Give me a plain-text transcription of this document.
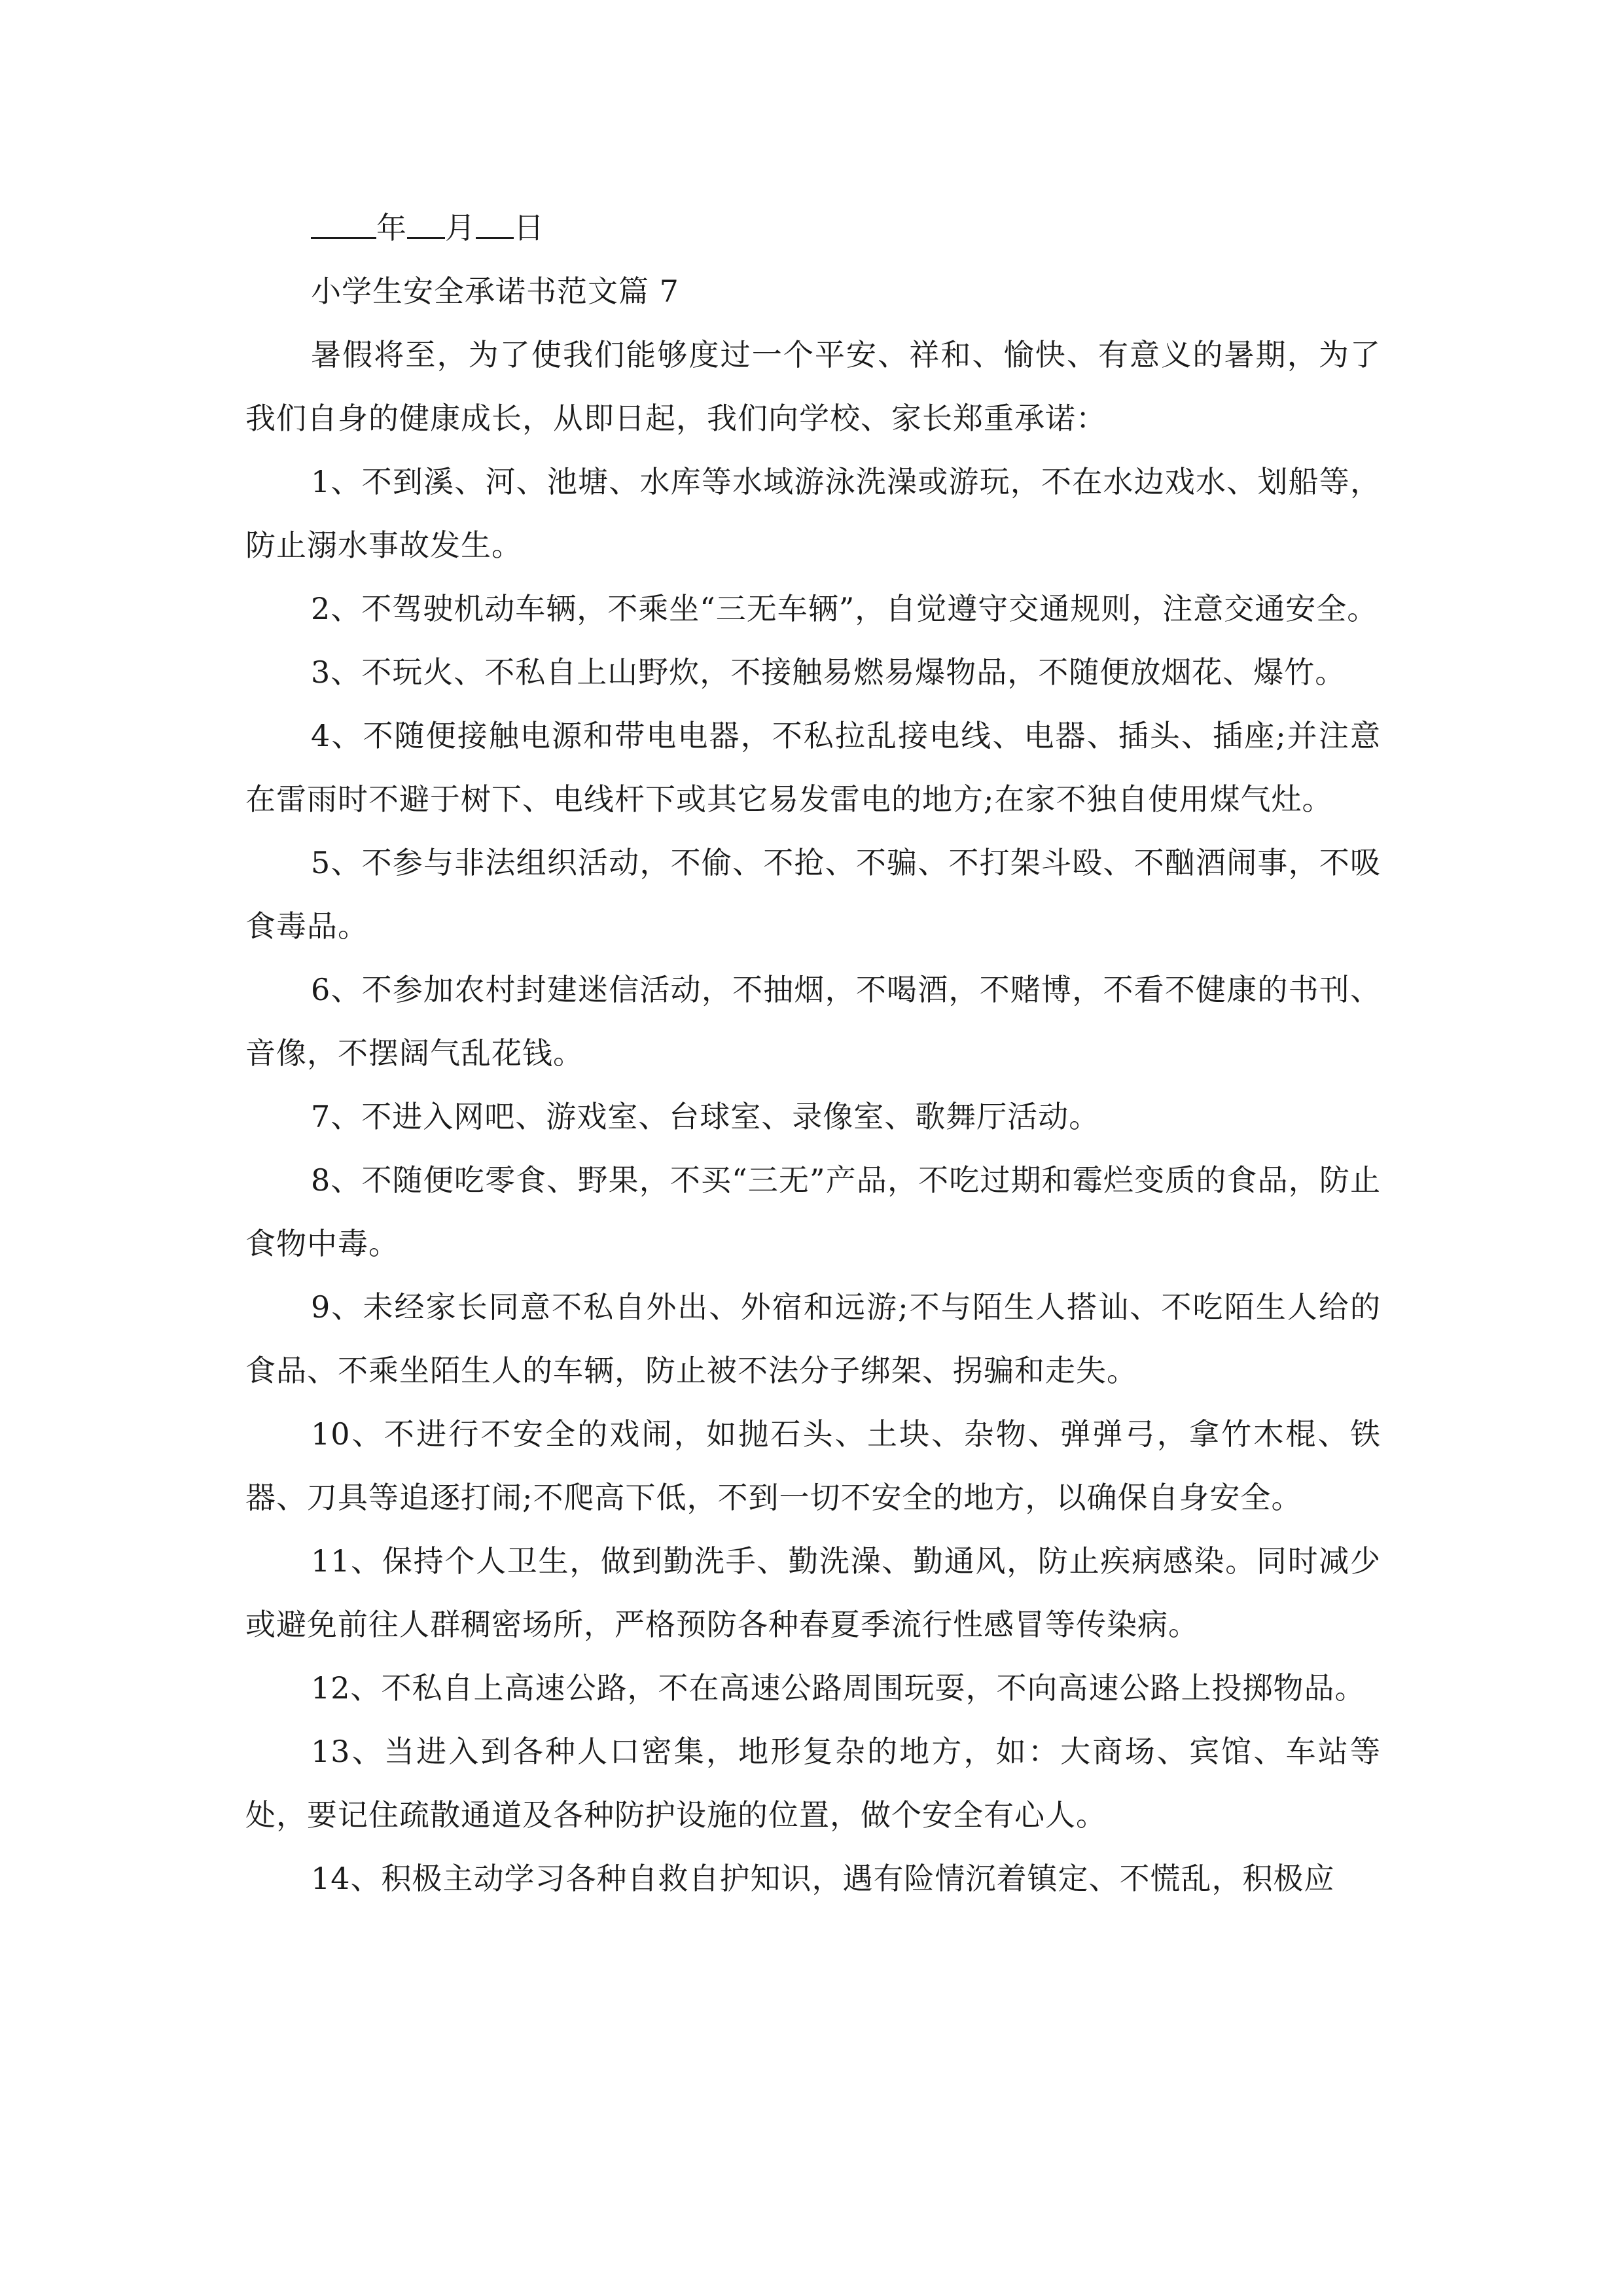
年 月 日
小学生安全承诺书范文篇 7

暑假将至，为了使我们能够度过一个平安、祥和、愉快、有意义的暑期，为了我们自身的健康成长，从即日起，我们向学校、家长郑重承诺：

1、不到溪、河、池塘、水库等水域游泳洗澡或游玩，不在水边戏水、划船等，防止溺水事故发生。

2、不驾驶机动车辆，不乘坐“三无车辆”，自觉遵守交通规则，注意交通安全。

3、不玩火、不私自上山野炊，不接触易燃易爆物品，不随便放烟花、爆竹。

4、不随便接触电源和带电电器，不私拉乱接电线、电器、插头、插座;并注意在雷雨时不避于树下、电线杆下或其它易发雷电的地方;在家不独自使用煤气灶。

5、不参与非法组织活动，不偷、不抢、不骗、不打架斗殴、不酗酒闹事，不吸食毒品。

6、不参加农村封建迷信活动，不抽烟，不喝酒，不赌博，不看不健康的书刊、音像，不摆阔气乱花钱。

7、不进入网吧、游戏室、台球室、录像室、歌舞厅活动。

8、不随便吃零食、野果，不买“三无”产品，不吃过期和霉烂变质的食品，防止食物中毒。

9、未经家长同意不私自外出、外宿和远游;不与陌生人搭讪、不吃陌生人给的食品、不乘坐陌生人的车辆，防止被不法分子绑架、拐骗和走失。

10、不进行不安全的戏闹，如抛石头、土块、杂物、弹弹弓，拿竹木棍、铁器、刀具等追逐打闹;不爬高下低，不到一切不安全的地方，以确保自身安全。

11、保持个人卫生，做到勤洗手、勤洗澡、勤通风，防止疾病感染。同时减少或避免前往人群稠密场所，严格预防各种春夏季流行性感冒等传染病。

12、不私自上高速公路，不在高速公路周围玩耍，不向高速公路上投掷物品。

13、当进入到各种人口密集，地形复杂的地方，如：大商场、宾馆、车站等处，要记住疏散通道及各种防护设施的位置，做个安全有心人。

14、积极主动学习各种自救自护知识，遇有险情沉着镇定、不慌乱，积极应
